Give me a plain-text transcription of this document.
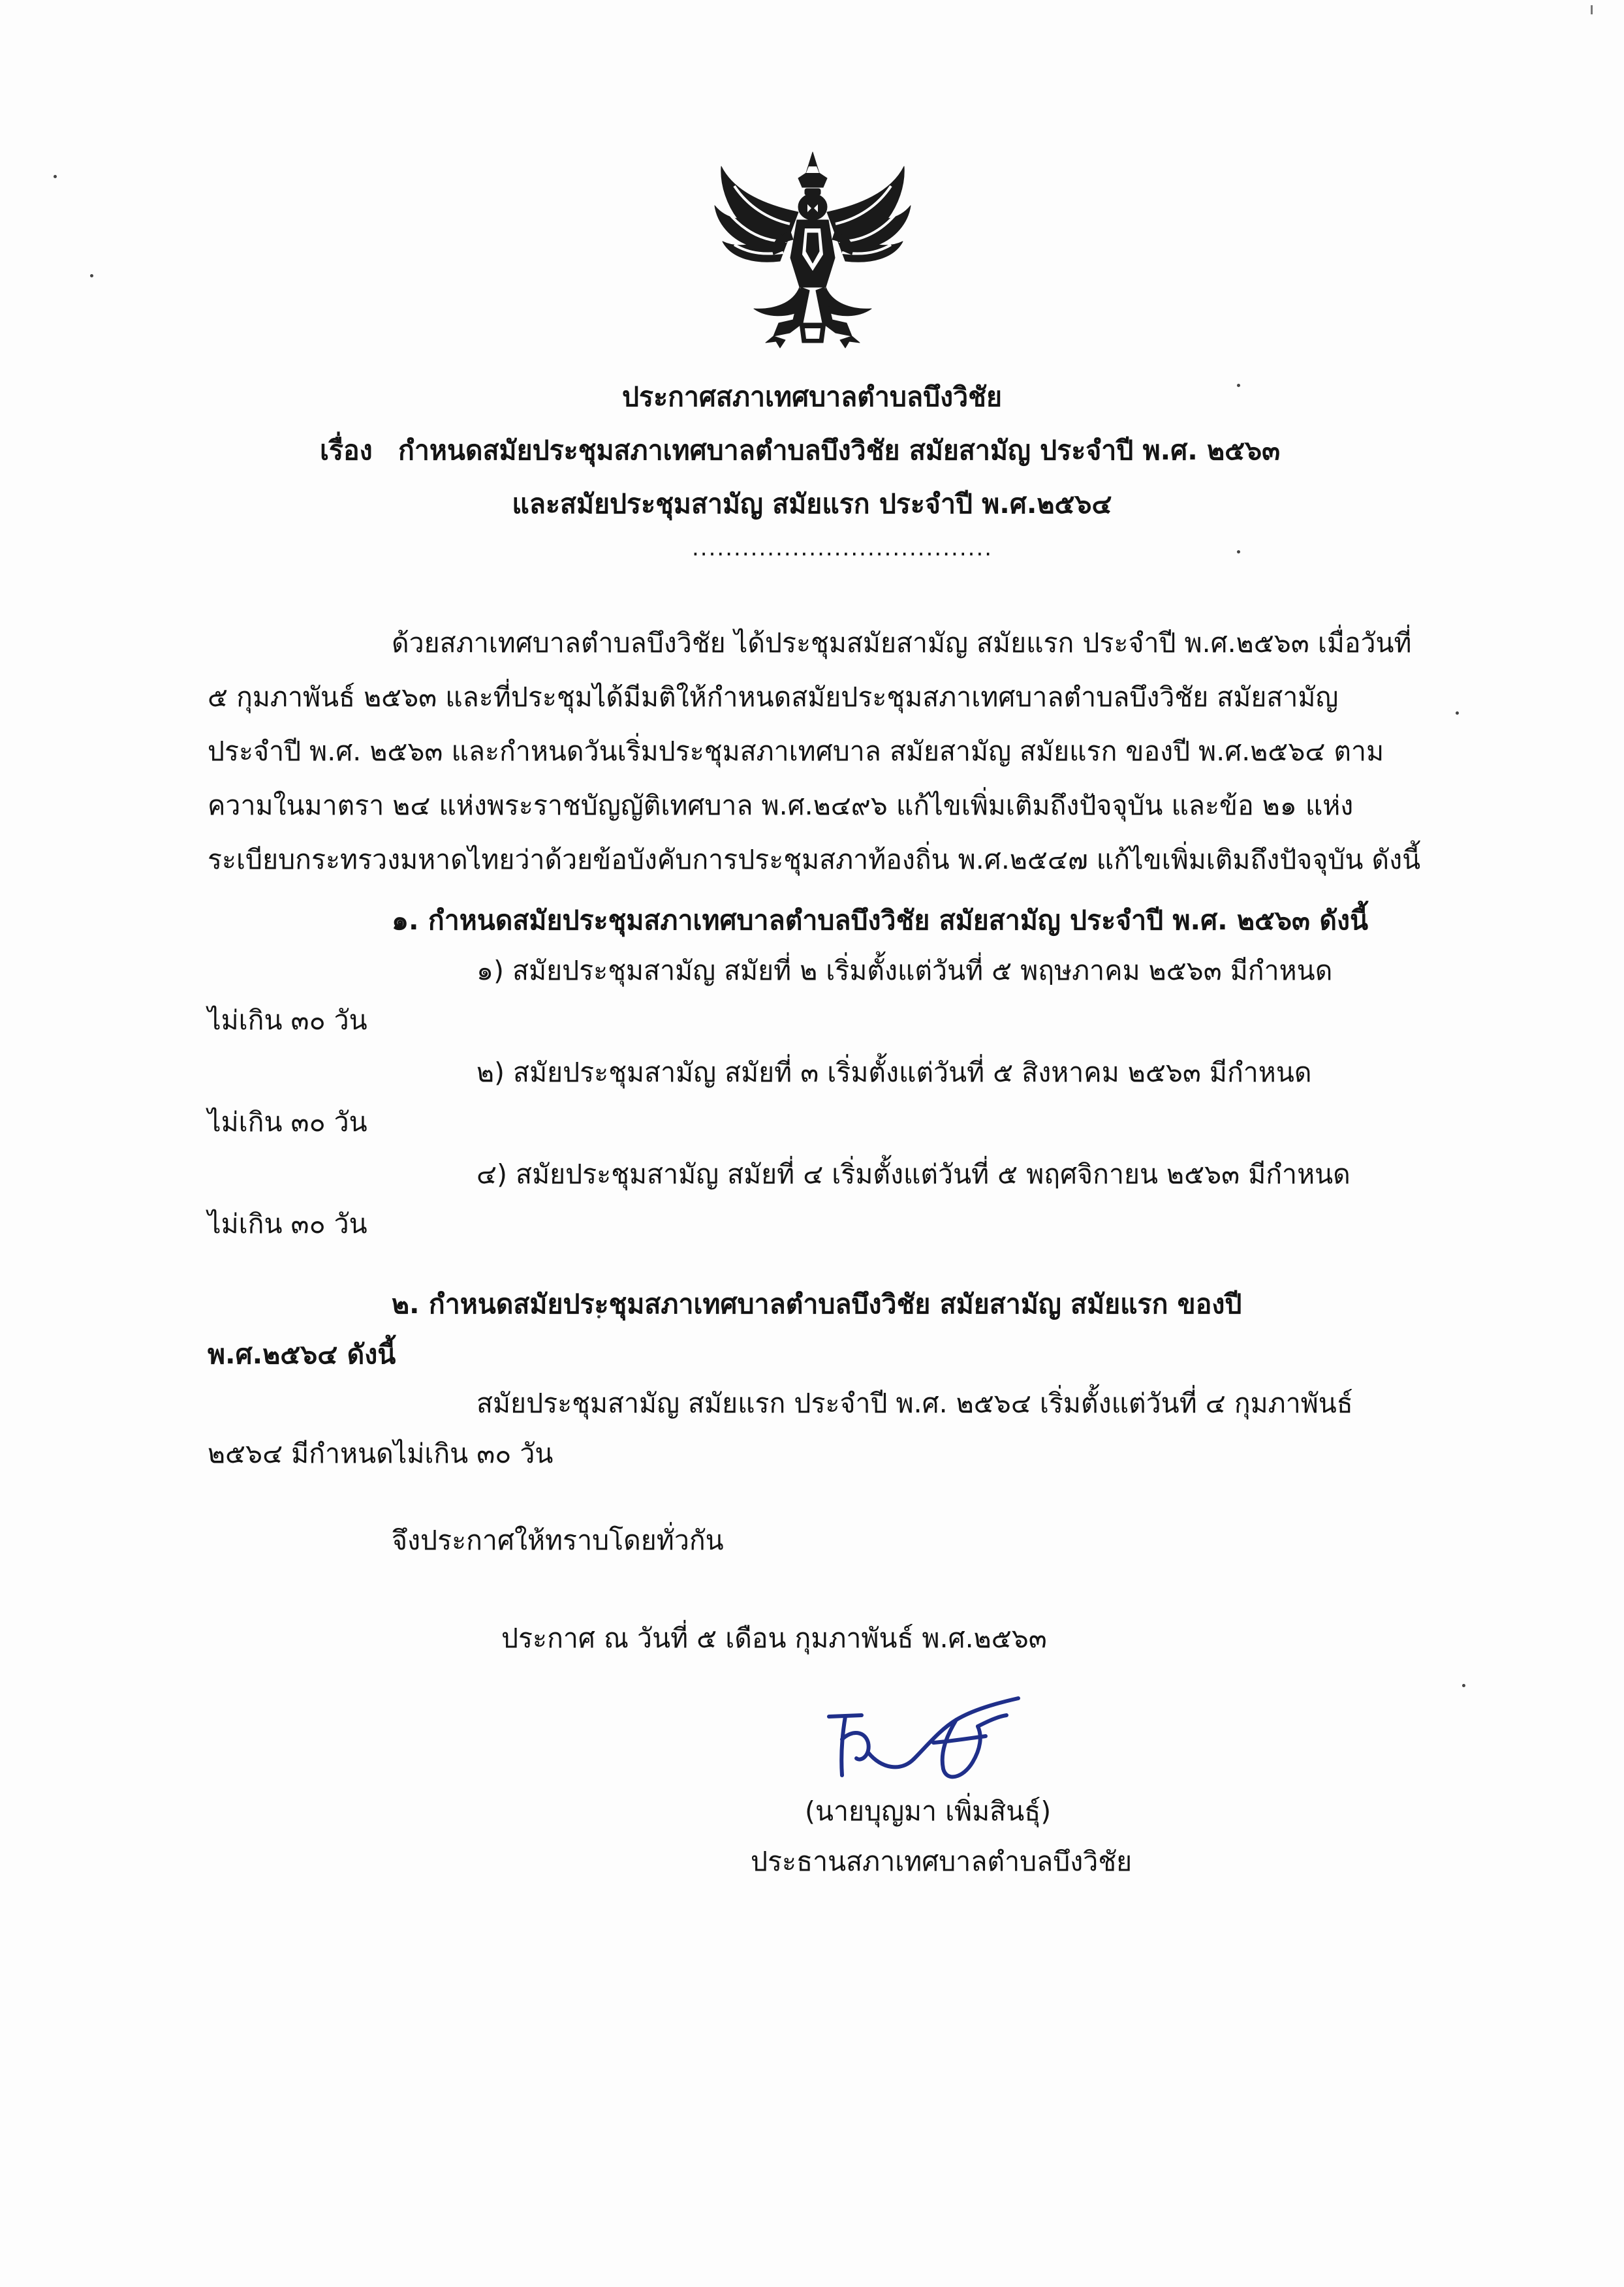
ประกาศสภาเทศบาลตำบลบึงวิชัย
เรื่อง กำหนดสมัยประชุมสภาเทศบาลตำบลบึงวิชัย สมัยสามัญ ประจำปี พ.ศ. ๒๕๖๓
และสมัยประชุมสามัญ สมัยแรก ประจำปี พ.ศ.๒๕๖๔
....................................
ด้วยสภาเทศบาลตำบลบึงวิชัย ได้ประชุมสมัยสามัญ สมัยแรก ประจำปี พ.ศ.๒๕๖๓ เมื่อวันที่
๕ กุมภาพันธ์ ๒๕๖๓ และที่ประชุมได้มีมติให้กำหนดสมัยประชุมสภาเทศบาลตำบลบึงวิชัย สมัยสามัญ
ประจำปี พ.ศ. ๒๕๖๓ และกำหนดวันเริ่มประชุมสภาเทศบาล สมัยสามัญ สมัยแรก ของปี พ.ศ.๒๕๖๔ ตาม
ความในมาตรา ๒๔ แห่งพระราชบัญญัติเทศบาล พ.ศ.๒๔๙๖ แก้ไขเพิ่มเติมถึงปัจจุบัน และข้อ ๒๑ แห่ง
ระเบียบกระทรวงมหาดไทยว่าด้วยข้อบังคับการประชุมสภาท้องถิ่น พ.ศ.๒๕๔๗ แก้ไขเพิ่มเติมถึงปัจจุบัน ดังนี้
๑. กำหนดสมัยประชุมสภาเทศบาลตำบลบึงวิชัย สมัยสามัญ ประจำปี พ.ศ. ๒๕๖๓ ดังนี้
๑) สมัยประชุมสามัญ สมัยที่ ๒ เริ่มตั้งแต่วันที่ ๕ พฤษภาคม ๒๕๖๓ มีกำหนด
ไม่เกิน ๓๐ วัน
๒) สมัยประชุมสามัญ สมัยที่ ๓ เริ่มตั้งแต่วันที่ ๕ สิงหาคม ๒๕๖๓ มีกำหนด
ไม่เกิน ๓๐ วัน
๔) สมัยประชุมสามัญ สมัยที่ ๔ เริ่มตั้งแต่วันที่ ๕ พฤศจิกายน ๒๕๖๓ มีกำหนด
ไม่เกิน ๓๐ วัน
๒. กำหนดสมัยประชุมสภาเทศบาลตำบลบึงวิชัย สมัยสามัญ สมัยแรก ของปี
พ.ศ.๒๕๖๔ ดังนี้
สมัยประชุมสามัญ สมัยแรก ประจำปี พ.ศ. ๒๕๖๔ เริ่มตั้งแต่วันที่ ๔ กุมภาพันธ์
๒๕๖๔ มีกำหนดไม่เกิน ๓๐ วัน
จึงประกาศให้ทราบโดยทั่วกัน
ประกาศ ณ วันที่ ๕ เดือน กุมภาพันธ์ พ.ศ.๒๕๖๓
(นายบุญมา เพิ่มสินธุ์)
ประธานสภาเทศบาลตำบลบึงวิชัย
